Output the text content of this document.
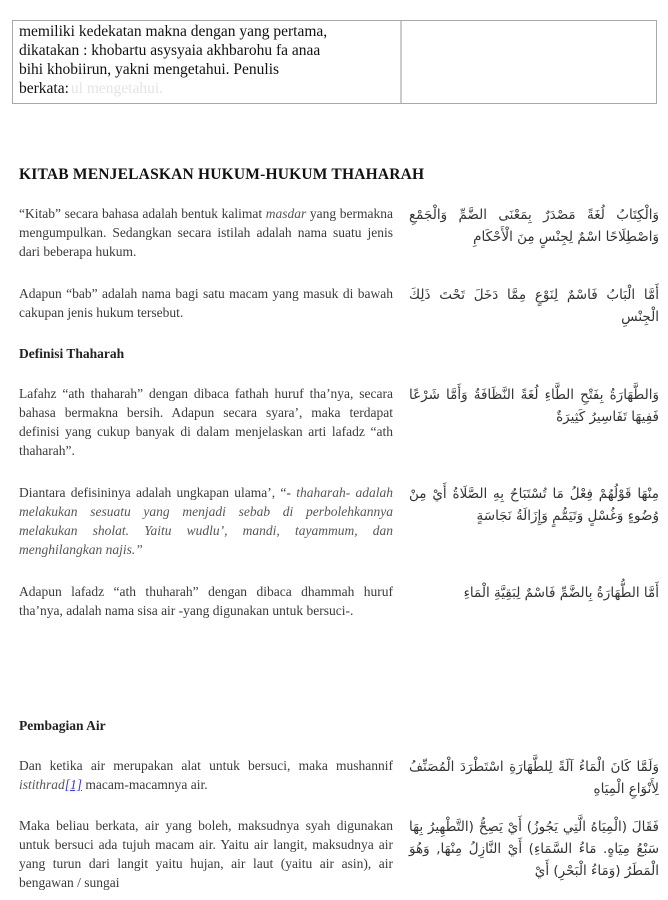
memiliki kedekatan makna dengan yang pertama,
dikatakan : khobartu asysyaia akhbarohu fa anaa
bihi khobiirun, yakni mengetahui. Penulis
berkata: ul mengetahui.
KITAB MENJELASKAN HUKUM-HUKUM THAHARAH
“Kitab” secara bahasa adalah bentuk kalimat masdar yang bermakna mengumpulkan. Sedangkan secara istilah adalah nama suatu jenis dari beberapa hukum.
وَالْكِتَابُ لُغَةً مَصْدَرٌ بِمَعْنَى الضَّمِّ وَالْجَمْعِ وَاصْطِلَاحًا اسْمٌ لِجِنْسٍ مِنَ الْأَحْكَامِ
Adapun “bab” adalah nama bagi satu macam yang masuk di bawah cakupan jenis hukum tersebut.
أَمَّا الْبَابُ فَاسْمٌ لِنَوْعٍ مِمَّا دَخَلَ تَحْتَ ذَلِكَ الْجِنْسِ
Definisi Thaharah
Lafahz “ath thaharah” dengan dibaca fathah huruf tha’nya, secara bahasa bermakna bersih. Adapun secara syara’, maka terdapat definisi yang cukup banyak di dalam menjelaskan arti lafadz “ath thaharah”.
وَالطَّهَارَةُ بِفَتْحِ الطَّاءِ لُغَةً النَّظَافَةُ وَأَمَّا شَرْعًا فَفِيهَا تَفَاسِيرُ كَثِيرَةٌ
Diantara defisininya adalah ungkapan ulama’, “- thaharah- adalah melakukan sesuatu yang menjadi sebab di perbolehkannya melakukan sholat. Yaitu wudlu’, mandi, tayammum, dan menghilangkan najis.”
مِنْهَا قَوْلُهُمْ فِعْلُ مَا تُسْتَبَاحُ بِهِ الصَّلَاةُ أَيْ مِنْ وُضُوءٍ وَغُسْلٍ وَتَيَمُّمٍ وَإِزَالَةُ نَجَاسَةٍ
Adapun lafadz “ath thuharah” dengan dibaca dhammah huruf tha’nya, adalah nama sisa air -yang digunakan untuk bersuci-.
أَمَّا الطُّهَارَةُ بِالضَّمِّ فَاسْمٌ لِبَقِيَّةِ الْمَاءِ
Pembagian Air
Dan ketika air merupakan alat untuk bersuci, maka mushannif istithrad[1] macam-macamnya air.
وَلَمَّا كَانَ الْمَاءُ آلَةً لِلطَّهَارَةِ اسْتَطْرَدَ الْمُصَنِّفُ لِأَنْوَاعِ الْمِيَاهِ
Maka beliau berkata, air yang boleh, maksudnya syah digunakan untuk bersuci ada tujuh macam air. Yaitu air langit, maksudnya air yang turun dari langit yaitu hujan, air laut (yaitu air asin), air bengawan / sungai
فَقَالَ (الْمِيَاهُ الَّتِي يَجُوزُ) أَيْ يَصِحُّ (التَّطْهِيرُ بِهَا سَبْعُ مِيَاهٍ. مَاءُ السَّمَاءِ) أَيْ النَّازِلُ مِنْهَا, وَهُوَ الْمَطَرُ (وَمَاءُ الْبَحْرِ) أَيْ
